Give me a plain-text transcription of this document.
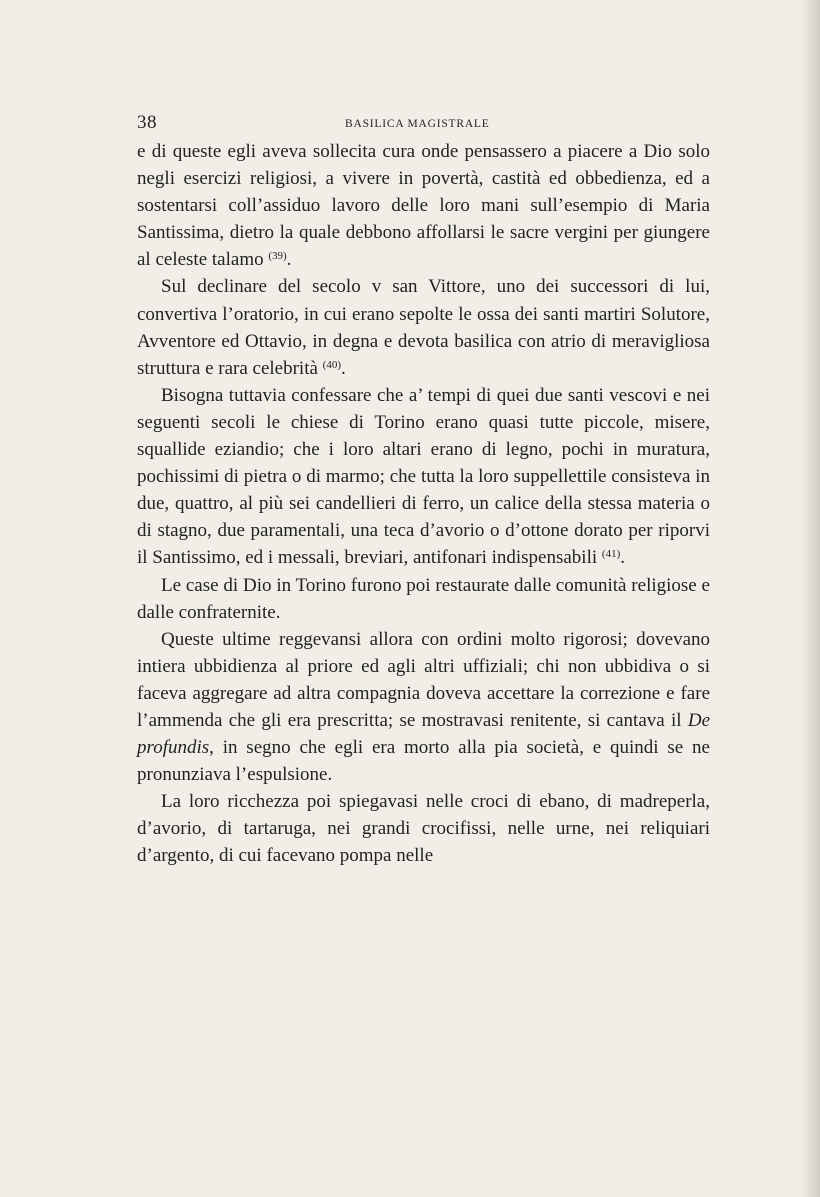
38	BASILICA MAGISTRALE

e di queste egli aveva sollecita cura onde pensassero a piacere a Dio solo negli esercizi religiosi, a vivere in povertà, castità ed obbedienza, ed a sostentarsi coll’assiduo lavoro delle loro mani sull’esempio di Maria Santissima, dietro la quale debbono affollarsi le sacre vergini per giungere al celeste talamo $^{(39)}$.

Sul declinare del secolo v san Vittore, uno dei successori di lui, convertiva l’oratorio, in cui erano sepolte le ossa dei santi martiri Solutore, Avventore ed Ottavio, in degna e devota basilica con atrio di meravigliosa struttura e rara celebrità $^{(40)}$.

Bisogna tuttavia confessare che a’ tempi di quei due santi vescovi e nei seguenti secoli le chiese di Torino erano quasi tutte piccole, misere, squallide eziandio; che i loro altari erano di legno, pochi in muratura, pochissimi di pietra o di marmo; che tutta la loro suppellettile consisteva in due, quattro, al più sei candellieri di ferro, un calice della stessa materia o di stagno, due paramentali, una teca d’avorio o d’ottone dorato per riporvi il Santissimo, ed i messali, breviari, antifonari indispensabili $^{(41)}$.

Le case di Dio in Torino furono poi restaurate dalle comunità religiose e dalle confraternite.

Queste ultime reggevansi allora con ordini molto rigorosi; dovevano intiera ubbidienza al priore ed agli altri uffiziali; chi non ubbidiva o si faceva aggregare ad altra compagnia doveva accettare la correzione e fare l’ammenda che gli era prescritta; se mostravasi renitente, si cantava il De profundis, in segno che egli era morto alla pia società, e quindi se ne pronunziava l’espulsione.

La loro ricchezza poi spiegavasi nelle croci di ebano, di madreperla, d’avorio, di tartaruga, nei grandi crocifissi, nelle urne, nei reliquiari d’argento, di cui facevano pompa nelle
